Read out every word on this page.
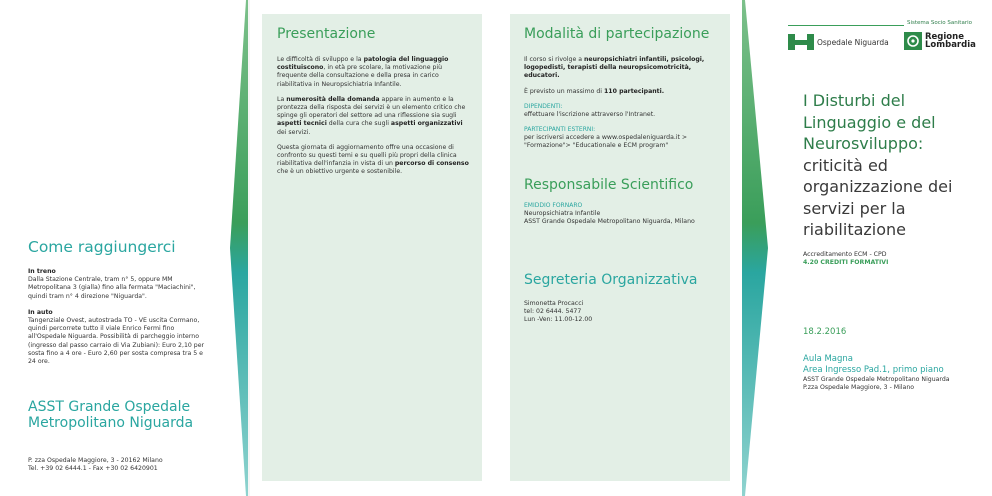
Come raggiungerci
In treno
Dalla Stazione Centrale, tram n° 5, oppure MM Metropolitana 3 (gialla) fino alla fermata "Maciachini", quindi tram n° 4 direzione "Niguarda".
In auto
Tangenziale Ovest, autostrada TO - VE uscita Cormano, quindi percorrete tutto il viale Enrico Fermi fino all'Ospedale Niguarda. Possibilità di parcheggio interno (ingresso dal passo carraio di Via Zubiani): Euro 2,10 per sosta fino a 4 ore - Euro 2,60 per sosta compresa tra 5 e 24 ore.
ASST Grande Ospedale
Metropolitano Niguarda
P. zza Ospedale Maggiore, 3 - 20162 Milano
Tel. +39 02 6444.1 - Fax +30 02 6420901
Presentazione

Le difficoltà di sviluppo e la patologia del linguaggio costituiscono, in età pre scolare, la motivazione più frequente della consultazione e della presa in carico riabilitativa in Neuropsichiatria Infantile.

La numerosità della domanda appare in aumento e la prontezza della risposta dei servizi è un elemento critico che spinge gli operatori del settore ad una riflessione sia sugli aspetti tecnici della cura che sugli aspetti organizzativi dei servizi.

Questa giornata di aggiornamento offre una occasione di confronto su questi temi e su quelli più propri della clinica riabilitativa dell'infanzia in vista di un percorso di consenso che è un obiettivo urgente e sostenibile.

Modalità di partecipazione

Il corso si rivolge a neuropsichiatri infantili, psicologi, logopedisti, terapisti della neuropsicomotricità, educatori.

È previsto un massimo di 110 partecipanti.

DIPENDENTI:

effettuare l'iscrizione attraverso l'Intranet.

PARTECIPANTI ESTERNI:
per iscriversi accedere a www.ospedaleniguarda.it >
"Formazione"> "Educationale e ECM program"
Responsabile Scientifico
EMIDDIO FORNARO
Neuropsichiatra Infantile
ASST Grande Ospedale Metropolitano Niguarda, Milano
Segreteria Organizzativa
Simonetta Procacci
tel: 02 6444. 5477
Lun -Ven: 11.00-12.00
Sistema Socio Sanitario
Ospedale Niguarda
Regione
Lombardia
I Disturbi del
Linguaggio e del
Neurosviluppo:
criticità ed
organizzazione dei
servizi per la
riabilitazione
Accreditamento ECM - CPD
4.20 CREDITI FORMATIVI
18.2.2016
Aula Magna
Area Ingresso Pad.1, primo piano
ASST Grande Ospedale Metropolitano Niguarda
P.zza Ospedale Maggiore, 3 - Milano
